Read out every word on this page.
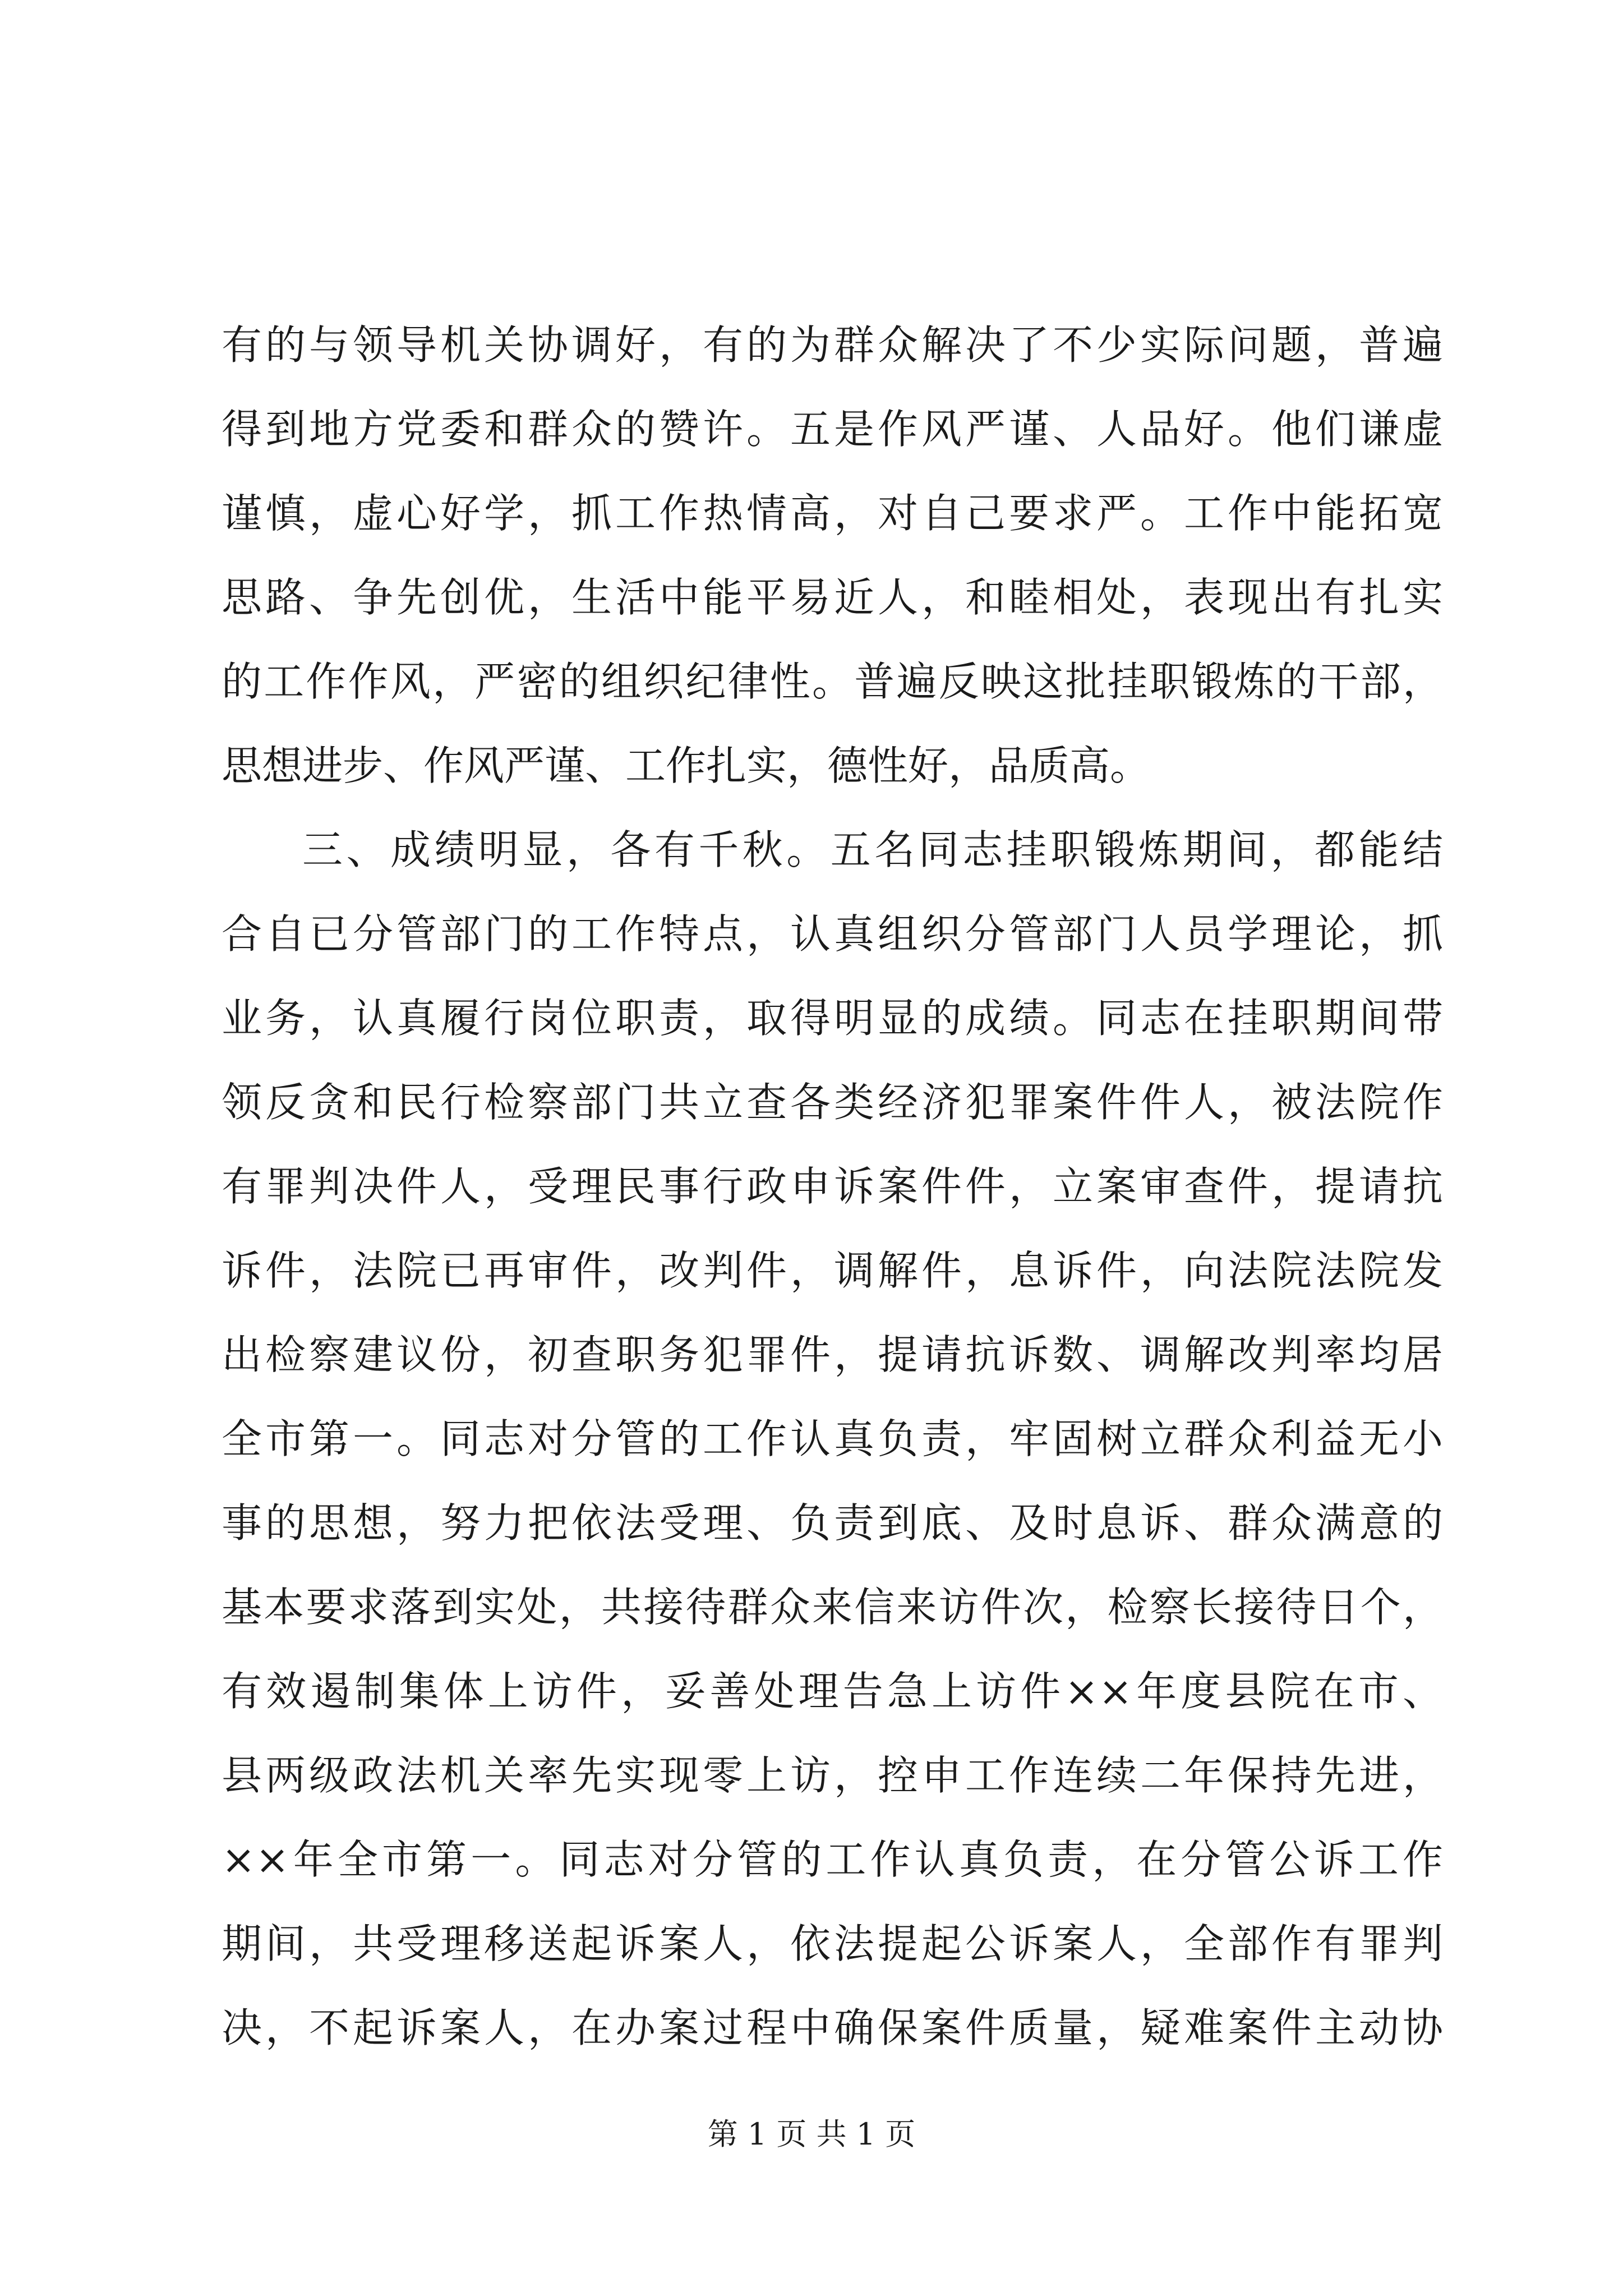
有的与领导机关协调好，有的为群众解决了不少实际问题，普遍
得到地方党委和群众的赞许。五是作风严谨、人品好。他们谦虚
谨慎，虚心好学，抓工作热情高，对自己要求严。工作中能拓宽
思路、争先创优，生活中能平易近人，和睦相处，表现出有扎实
的工作作风，严密的组织纪律性。普遍反映这批挂职锻炼的干部，
思想进步、作风严谨、工作扎实，德性好，品质高。
三、成绩明显，各有千秋。五名同志挂职锻炼期间，都能结
合自已分管部门的工作特点，认真组织分管部门人员学理论，抓
业务，认真履行岗位职责，取得明显的成绩。同志在挂职期间带
领反贪和民行检察部门共立查各类经济犯罪案件件人，被法院作
有罪判决件人，受理民事行政申诉案件件，立案审查件，提请抗
诉件，法院已再审件，改判件，调解件，息诉件，向法院法院发
出检察建议份，初查职务犯罪件，提请抗诉数、调解改判率均居
全市第一。同志对分管的工作认真负责，牢固树立群众利益无小
事的思想，努力把依法受理、负责到底、及时息诉、群众满意的
基本要求落到实处，共接待群众来信来访件次，检察长接待日个，
有效遏制集体上访件，妥善处理告急上访件××年度县院在市、
县两级政法机关率先实现零上访，控申工作连续二年保持先进，
××年全市第一。同志对分管的工作认真负责，在分管公诉工作
期间，共受理移送起诉案人，依法提起公诉案人，全部作有罪判
决，不起诉案人，在办案过程中确保案件质量，疑难案件主动协
第 1 页 共 1 页
